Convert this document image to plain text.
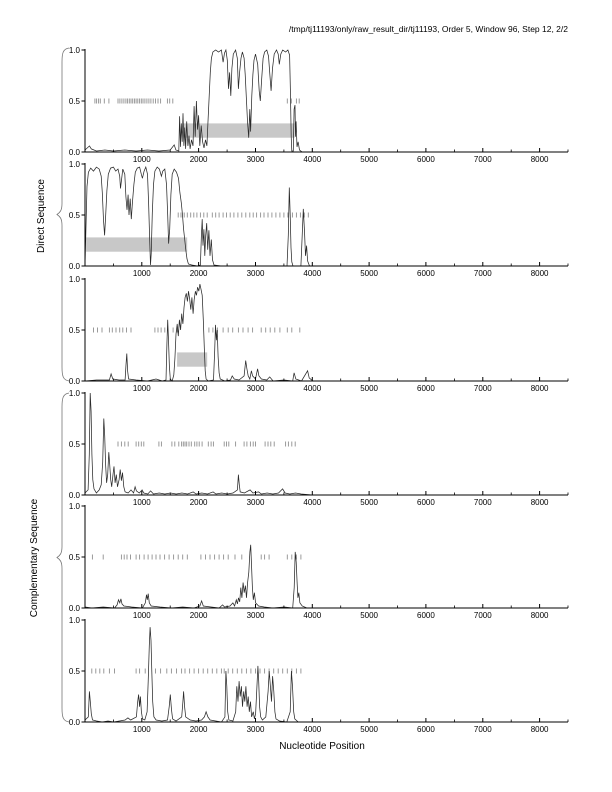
/tmp/tj11193/only/raw_result_dir/tj11193, Order 5, Window 96, Step 12, 2/2
Nucleotide Position
Direct Sequence
Complementary Sequence
0.0
0.5
1.0
1000	2000	3000	4000	5000	6000	7000	8000
0.0
0.5
1.0
1000	2000	3000	4000	5000	6000	7000	8000
0.0
0.5
1.0
1000	2000	3000	4000	5000	6000	7000	8000
0.0
0.5
1.0
1000	2000	3000	4000	5000	6000	7000	8000
0.0
0.5
1.0
1000	2000	3000	4000	5000	6000	7000	8000
0.0
0.5
1.0
1000	2000	3000	4000	5000	6000	7000	8000
